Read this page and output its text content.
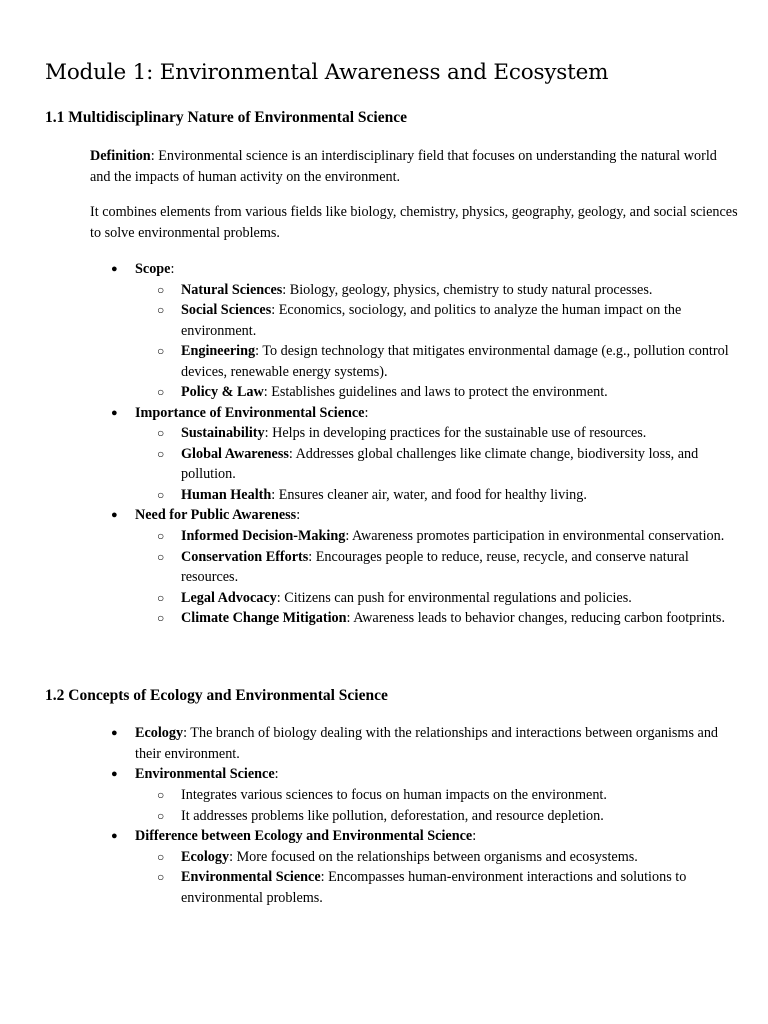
Module 1: Environmental Awareness and Ecosystem
1.1 Multidisciplinary Nature of Environmental Science

Definition: Environmental science is an interdisciplinary field that focuses on understanding the natural world and the impacts of human activity on the environment.

It combines elements from various fields like biology, chemistry, physics, geography, geology, and social sciences to solve environmental problems.

● Scope:
○ Natural Sciences: Biology, geology, physics, chemistry to study natural processes.
○ Social Sciences: Economics, sociology, and politics to analyze the human impact on the environment.
○ Engineering: To design technology that mitigates environmental damage (e.g., pollution control devices, renewable energy systems).
○ Policy & Law: Establishes guidelines and laws to protect the environment.
● Importance of Environmental Science:
○ Sustainability: Helps in developing practices for the sustainable use of resources.
○ Global Awareness: Addresses global challenges like climate change, biodiversity loss, and pollution.
○ Human Health: Ensures cleaner air, water, and food for healthy living.
● Need for Public Awareness:
○ Informed Decision-Making: Awareness promotes participation in environmental conservation.
○ Conservation Efforts: Encourages people to reduce, reuse, recycle, and conserve natural resources.
○ Legal Advocacy: Citizens can push for environmental regulations and policies.
○ Climate Change Mitigation: Awareness leads to behavior changes, reducing carbon footprints.
1.2 Concepts of Ecology and Environmental Science
● Ecology: The branch of biology dealing with the relationships and interactions between organisms and their environment.
● Environmental Science:
○ Integrates various sciences to focus on human impacts on the environment.
○ It addresses problems like pollution, deforestation, and resource depletion.
● Difference between Ecology and Environmental Science:
○ Ecology: More focused on the relationships between organisms and ecosystems.
○ Environmental Science: Encompasses human-environment interactions and solutions to environmental problems.
